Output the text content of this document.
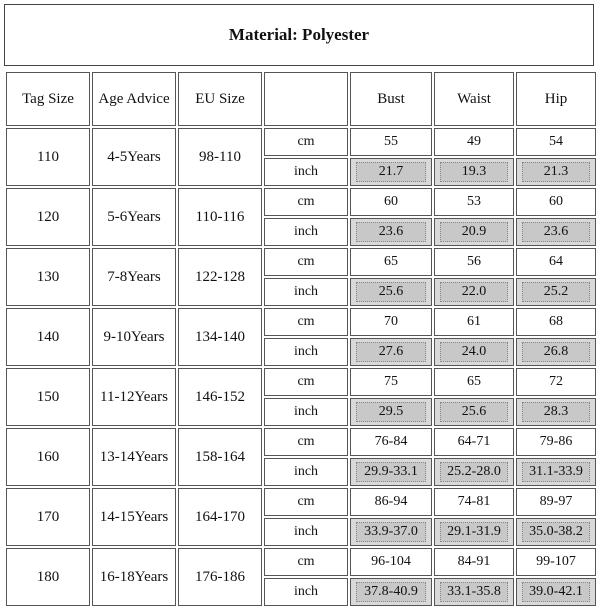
Material: Polyester
Tag Size	Age Advice	EU Size		Bust	Waist	Hip
110	4-5Years	98-110	cm	55	49	54
			inch	21.7	19.3	21.3
120	5-6Years	110-116	cm	60	53	60
			inch	23.6	20.9	23.6
130	7-8Years	122-128	cm	65	56	64
			inch	25.6	22.0	25.2
140	9-10Years	134-140	cm	70	61	68
			inch	27.6	24.0	26.8
150	11-12Years	146-152	cm	75	65	72
			inch	29.5	25.6	28.3
160	13-14Years	158-164	cm	76-84	64-71	79-86
			inch	29.9-33.1	25.2-28.0	31.1-33.9
170	14-15Years	164-170	cm	86-94	74-81	89-97
			inch	33.9-37.0	29.1-31.9	35.0-38.2
180	16-18Years	176-186	cm	96-104	84-91	99-107
			inch	37.8-40.9	33.1-35.8	39.0-42.1
